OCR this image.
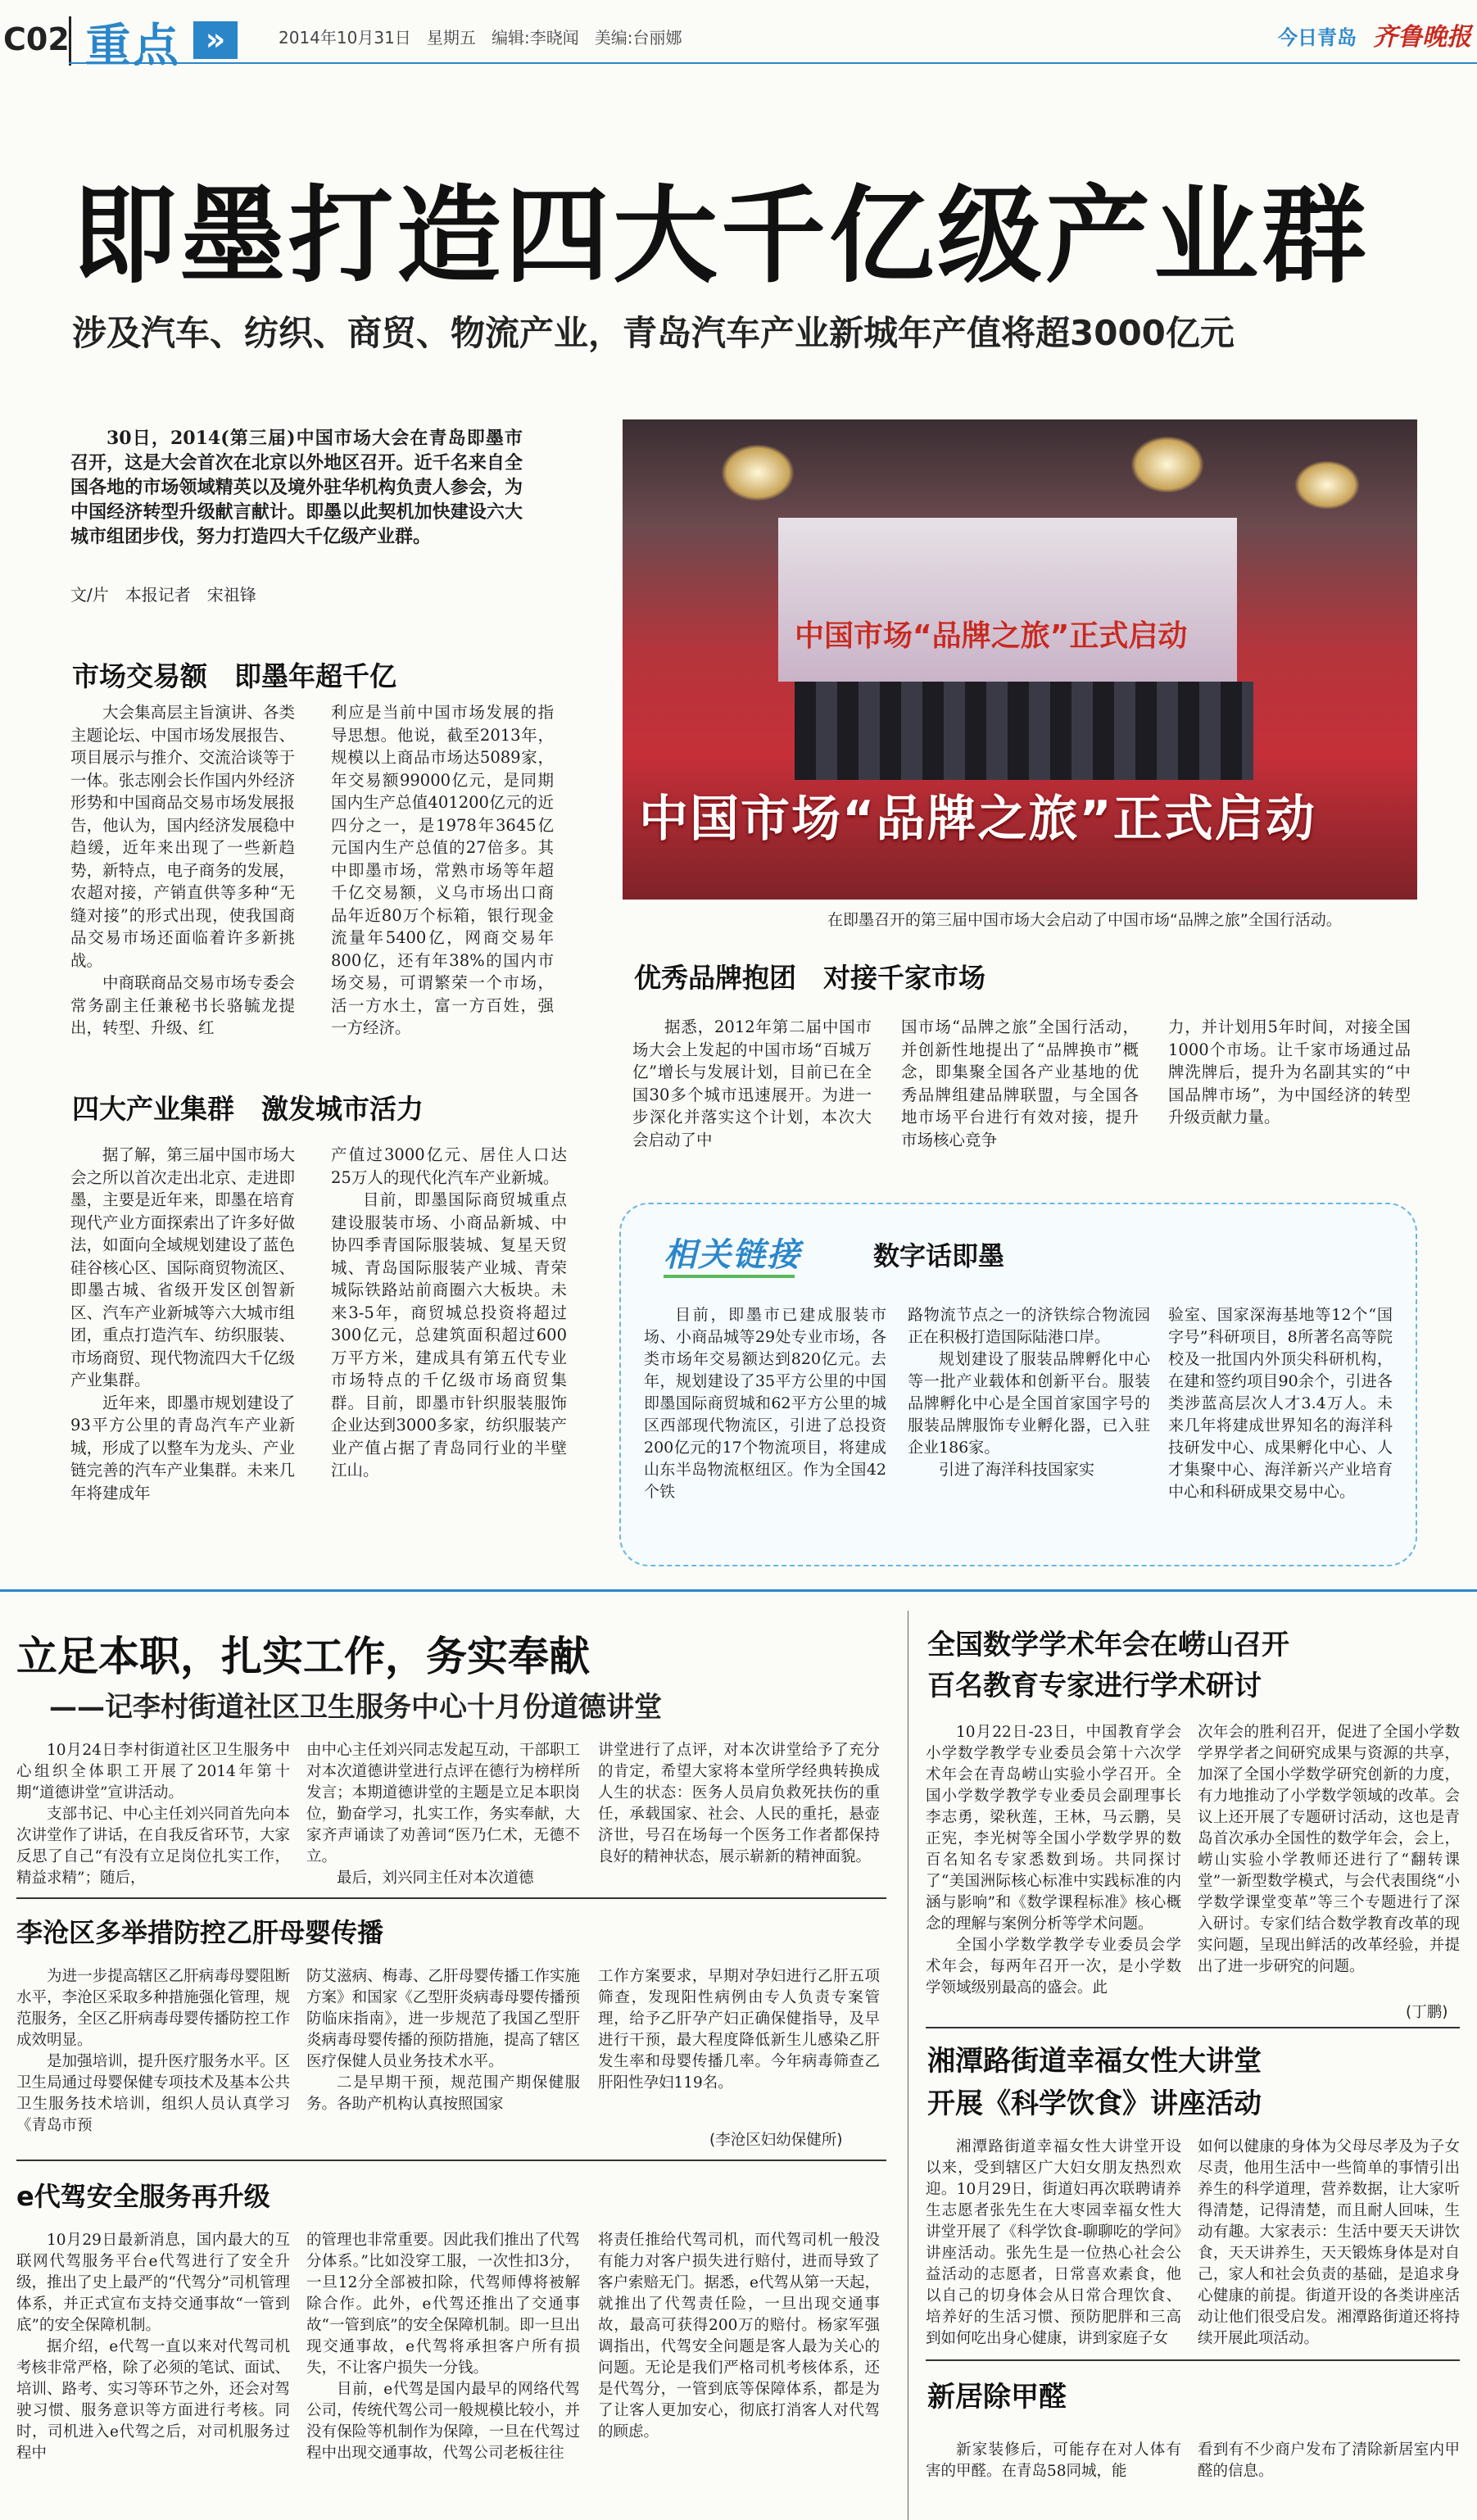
C02 重点 »	2014年10月31日 星期五 编辑:李晓闻 美编:台丽娜	今日青岛 齐鲁晚报
即墨打造四大千亿级产业群
涉及汽车、纺织、商贸、物流产业，青岛汽车产业新城年产值将超3000亿元
30日，2014(第三届)中国市场大会在青岛即墨市召开，这是大会首次在北京以外地区召开。近千名来自全国各地的市场领域精英以及境外驻华机构负责人参会，为中国经济转型升级献言献计。即墨以此契机加快建设六大城市组团步伐，努力打造四大千亿级产业群。
文/片　本报记者　宋祖锋
中国市场“品牌之旅”正式启动
中国市场“品牌之旅”正式启动
在即墨召开的第三届中国市场大会启动了中国市场“品牌之旅”全国行活动。
市场交易额　即墨年超千亿
大会集高层主旨演讲、各类主题论坛、中国市场发展报告、项目展示与推介、交流洽谈等于一体。张志刚会长作国内外经济形势和中国商品交易市场发展报告，他认为，国内经济发展稳中趋缓，近年来出现了一些新趋势，新特点，电子商务的发展，农超对接，产销直供等多种“无缝对接”的形式出现，使我国商品交易市场还面临着许多新挑战。
中商联商品交易市场专委会常务副主任兼秘书长骆毓龙提出，转型、升级、红
利应是当前中国市场发展的指导思想。他说，截至2013年，规模以上商品市场达5089家，年交易额99000亿元，是同期国内生产总值401200亿元的近四分之一，是1978年3645亿元国内生产总值的27倍多。其中即墨市场，常熟市场等年超千亿交易额，义乌市场出口商品年近80万个标箱，银行现金流量年5400亿，网商交易年800亿，还有年38%的国内市场交易，可谓繁荣一个市场，活一方水土，富一方百姓，强一方经济。
四大产业集群　激发城市活力
据了解，第三届中国市场大会之所以首次走出北京、走进即墨，主要是近年来，即墨在培育现代产业方面探索出了许多好做法，如面向全域规划建设了蓝色硅谷核心区、国际商贸物流区、即墨古城、省级开发区创智新区、汽车产业新城等六大城市组团，重点打造汽车、纺织服装、市场商贸、现代物流四大千亿级产业集群。
近年来，即墨市规划建设了93平方公里的青岛汽车产业新城，形成了以整车为龙头、产业链完善的汽车产业集群。未来几年将建成年
产值过3000亿元、居住人口达25万人的现代化汽车产业新城。
目前，即墨国际商贸城重点建设服装市场、小商品新城、中协四季青国际服装城、复星天贸城、青岛国际服装产业城、青荣城际铁路站前商圈六大板块。未来3-5年，商贸城总投资将超过300亿元，总建筑面积超过600万平方米，建成具有第五代专业市场特点的千亿级市场商贸集群。目前，即墨市针织服装服饰企业达到3000多家，纺织服装产业产值占据了青岛同行业的半壁江山。
优秀品牌抱团　对接千家市场
据悉，2012年第二届中国市场大会上发起的中国市场“百城万亿”增长与发展计划，目前已在全国30多个城市迅速展开。为进一步深化并落实这个计划，本次大会启动了中
国市场“品牌之旅”全国行活动，并创新性地提出了“品牌换市”概念，即集聚全国各产业基地的优秀品牌组建品牌联盟，与全国各地市场平台进行有效对接，提升市场核心竞争
力，并计划用5年时间，对接全国1000个市场。让千家市场通过品牌洗牌后，提升为名副其实的“中国品牌市场”，为中国经济的转型升级贡献力量。
相关链接	数字话即墨
目前，即墨市已建成服装市场、小商品城等29处专业市场，各类市场年交易额达到820亿元。去年，规划建设了35平方公里的中国即墨国际商贸城和62平方公里的城区西部现代物流区，引进了总投资200亿元的17个物流项目，将建成山东半岛物流枢纽区。作为全国42个铁
路物流节点之一的济铁综合物流园正在积极打造国际陆港口岸。
规划建设了服装品牌孵化中心等一批产业载体和创新平台。服装品牌孵化中心是全国首家国字号的服装品牌服饰专业孵化器，已入驻企业186家。
引进了海洋科技国家实
验室、国家深海基地等12个“国字号”科研项目，8所著名高等院校及一批国内外顶尖科研机构，在建和签约项目90余个，引进各类涉蓝高层次人才3.4万人。未来几年将建成世界知名的海洋科技研发中心、成果孵化中心、人才集聚中心、海洋新兴产业培育中心和科研成果交易中心。
立足本职，扎实工作，务实奉献
——记李村街道社区卫生服务中心十月份道德讲堂
10月24日李村街道社区卫生服务中心组织全体职工开展了2014年第十期“道德讲堂”宣讲活动。
支部书记、中心主任刘兴同首先向本次讲堂作了讲话，在自我反省环节，大家反思了自己“有没有立足岗位扎实工作，精益求精”；随后，
由中心主任刘兴同志发起互动，干部职工对本次道德讲堂进行点评在德行为榜样所发言；本期道德讲堂的主题是立足本职岗位，勤奋学习，扎实工作，务实奉献，大家齐声诵读了劝善词“医乃仁术，无德不立。
最后，刘兴同主任对本次道德
讲堂进行了点评，对本次讲堂给予了充分的肯定，希望大家将本堂所学经典转换成人生的状态：医务人员肩负救死扶伤的重任，承载国家、社会、人民的重托，悬壶济世，号召在场每一个医务工作者都保持良好的精神状态，展示崭新的精神面貌。
李沧区多举措防控乙肝母婴传播
为进一步提高辖区乙肝病毒母婴阻断水平，李沧区采取多种措施强化管理，规范服务，全区乙肝病毒母婴传播防控工作成效明显。
是加强培训，提升医疗服务水平。区卫生局通过母婴保健专项技术及基本公共卫生服务技术培训，组织人员认真学习《青岛市预
防艾滋病、梅毒、乙肝母婴传播工作实施方案》和国家《乙型肝炎病毒母婴传播预防临床指南》，进一步规范了我国乙型肝炎病毒母婴传播的预防措施，提高了辖区医疗保健人员业务技术水平。
二是早期干预，规范围产期保健服务。各助产机构认真按照国家
工作方案要求，早期对孕妇进行乙肝五项筛查，发现阳性病例由专人负责专案管理，给予乙肝孕产妇正确保健指导，及早进行干预，最大程度降低新生儿感染乙肝发生率和母婴传播几率。今年病毒筛查乙肝阳性孕妇119名。
(李沧区妇幼保健所)
e代驾安全服务再升级
10月29日最新消息，国内最大的互联网代驾服务平台e代驾进行了安全升级，推出了史上最严的“代驾分”司机管理体系，并正式宣布支持交通事故“一管到底”的安全保障机制。
据介绍，e代驾一直以来对代驾司机考核非常严格，除了必须的笔试、面试、培训、路考、实习等环节之外，还会对驾驶习惯、服务意识等方面进行考核。同时，司机进入e代驾之后，对司机服务过程中
的管理也非常重要。因此我们推出了代驾分体系。”比如没穿工服，一次性扣3分，一旦12分全部被扣除，代驾师傅将被解除合作。此外，e代驾还推出了交通事故“一管到底”的安全保障机制。即一旦出现交通事故，e代驾将承担客户所有损失，不让客户损失一分钱。
目前，e代驾是国内最早的网络代驾公司，传统代驾公司一般规模比较小，并没有保险等机制作为保障，一旦在代驾过程中出现交通事故，代驾公司老板往往
将责任推给代驾司机，而代驾司机一般没有能力对客户损失进行赔付，进而导致了客户索赔无门。据悉，e代驾从第一天起，就推出了代驾责任险，一旦出现交通事故，最高可获得200万的赔付。杨家军强调指出，代驾安全问题是客人最为关心的问题。无论是我们严格司机考核体系，还是代驾分，一管到底等保障体系，都是为了让客人更加安心，彻底打消客人对代驾的顾虑。
全国数学学术年会在崂山召开
百名教育专家进行学术研讨
10月22日-23日，中国教育学会小学数学教学专业委员会第十六次学术年会在青岛崂山实验小学召开。全国小学数学教学专业委员会副理事长李志勇，梁秋莲，王林，马云鹏，吴正宪，李光树等全国小学数学界的数百名知名专家悉数到场。共同探讨了“美国洲际核心标准中实践标准的内涵与影响”和《数学课程标准》核心概念的理解与案例分析等学术问题。
全国小学数学教学专业委员会学术年会，每两年召开一次，是小学数学领域级别最高的盛会。此
次年会的胜利召开，促进了全国小学数学界学者之间研究成果与资源的共享，加深了全国小学数学研究创新的力度，有力地推动了小学数学领域的改革。会议上还开展了专题研讨活动，这也是青岛首次承办全国性的数学年会，会上，崂山实验小学教师还进行了“翻转课堂”一新型数学模式，与会代表围绕“小学数学课堂变革”等三个专题进行了深入研讨。专家们结合数学教育改革的现实问题，呈现出鲜活的改革经验，并提出了进一步研究的问题。
(丁鹏)
湘潭路街道幸福女性大讲堂
开展《科学饮食》讲座活动
湘潭路街道幸福女性大讲堂开设以来，受到辖区广大妇女朋友热烈欢迎。10月29日，街道妇再次联聘请养生志愿者张先生在大枣园幸福女性大讲堂开展了《科学饮食-聊聊吃的学问》讲座活动。张先生是一位热心社会公益活动的志愿者，日常喜欢素食，他以自己的切身体会从日常合理饮食、培养好的生活习惯、预防肥胖和三高到如何吃出身心健康，讲到家庭子女
如何以健康的身体为父母尽孝及为子女尽责，他用生活中一些简单的事情引出养生的科学道理，营养数据，让大家听得清楚，记得清楚，而且耐人回味，生动有趣。大家表示：生活中要天天讲饮食，天天讲养生，天天锻炼身体是对自己，家人和社会负责的基础，是追求身心健康的前提。街道开设的各类讲座活动让他们很受启发。湘潭路街道还将持续开展此项活动。
新居除甲醛
新家装修后，可能存在对人体有害的甲醛。在青岛58同城，能
看到有不少商户发布了清除新居室内甲醛的信息。
